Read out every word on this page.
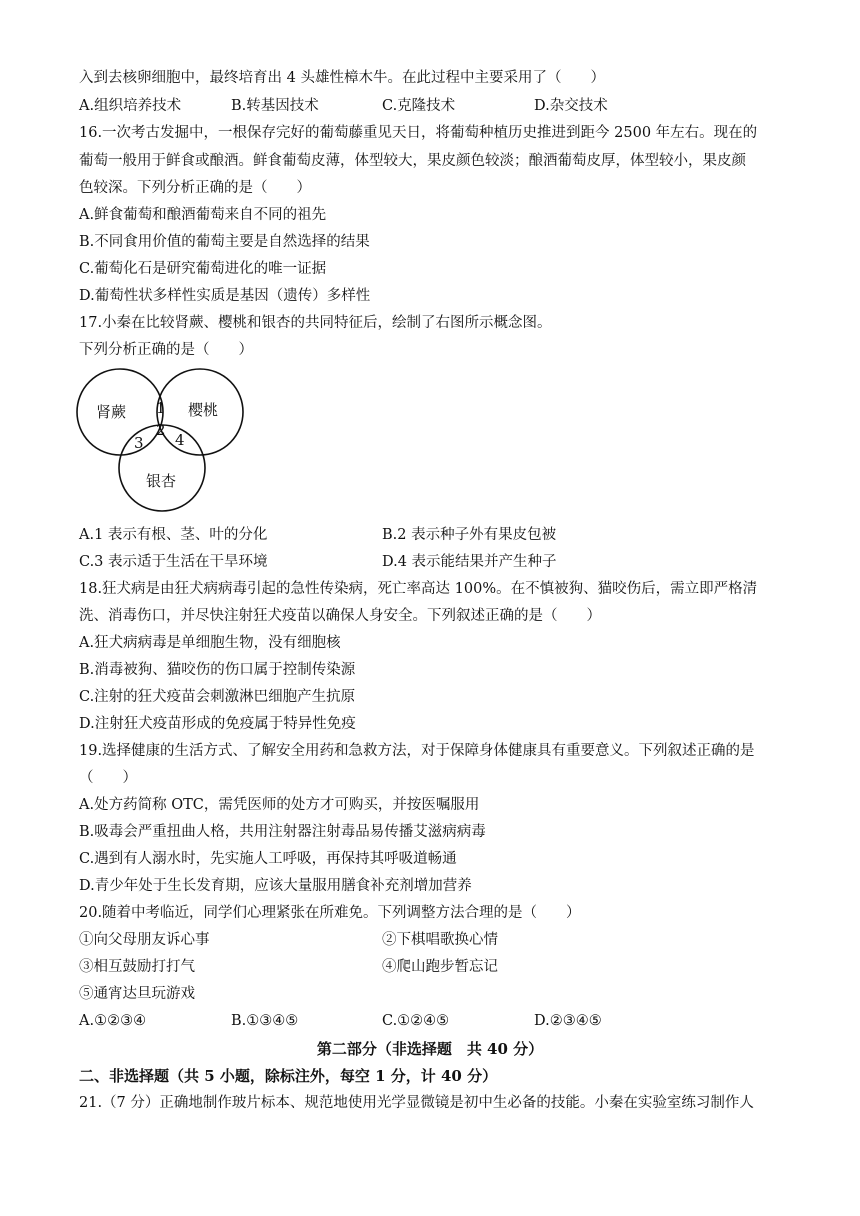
入到去核卵细胞中，最终培育出 4 头雄性樟木牛。在此过程中主要采用了（　　）
A.组织培养技术	B.转基因技术	C.克隆技术	D.杂交技术
16.一次考古发掘中，一根保存完好的葡萄藤重见天日，将葡萄种植历史推进到距今 2500 年左右。现在的
葡萄一般用于鲜食或酿酒。鲜食葡萄皮薄，体型较大，果皮颜色较淡；酿酒葡萄皮厚，体型较小，果皮颜
色较深。下列分析正确的是（　　）
A.鲜食葡萄和酿酒葡萄来自不同的祖先
B.不同食用价值的葡萄主要是自然选择的结果
C.葡萄化石是研究葡萄进化的唯一证据
D.葡萄性状多样性实质是基因（遗传）多样性
17.小秦在比较肾蕨、樱桃和银杏的共同特征后，绘制了右图所示概念图。
下列分析正确的是（　　）
肾蕨	樱桃
银杏
1
2
3 4
A.1 表示有根、茎、叶的分化	B.2 表示种子外有果皮包被
C.3 表示适于生活在干旱环境	D.4 表示能结果并产生种子
18.狂犬病是由狂犬病病毒引起的急性传染病，死亡率高达 100%。在不慎被狗、猫咬伤后，需立即严格清
洗、消毒伤口，并尽快注射狂犬疫苗以确保人身安全。下列叙述正确的是（　　）
A.狂犬病病毒是单细胞生物，没有细胞核
B.消毒被狗、猫咬伤的伤口属于控制传染源
C.注射的狂犬疫苗会刺激淋巴细胞产生抗原
D.注射狂犬疫苗形成的免疫属于特异性免疫
19.选择健康的生活方式、了解安全用药和急救方法，对于保障身体健康具有重要意义。下列叙述正确的是
（　　）
A.处方药简称 OTC，需凭医师的处方才可购买，并按医嘱服用
B.吸毒会严重扭曲人格，共用注射器注射毒品易传播艾滋病病毒
C.遇到有人溺水时，先实施人工呼吸，再保持其呼吸道畅通
D.青少年处于生长发育期，应该大量服用膳食补充剂增加营养
20.随着中考临近，同学们心理紧张在所难免。下列调整方法合理的是（　　）
①向父母朋友诉心事	②下棋唱歌换心情
③相互鼓励打打气	④爬山跑步暂忘记
⑤通宵达旦玩游戏
A.①②③④	B.①③④⑤	C.①②④⑤	D.②③④⑤
第二部分（非选择题　共 40 分）
二、非选择题（共 5 小题，除标注外，每空 1 分，计 40 分）
21.（7 分）正确地制作玻片标本、规范地使用光学显微镜是初中生必备的技能。小秦在实验室练习制作人
